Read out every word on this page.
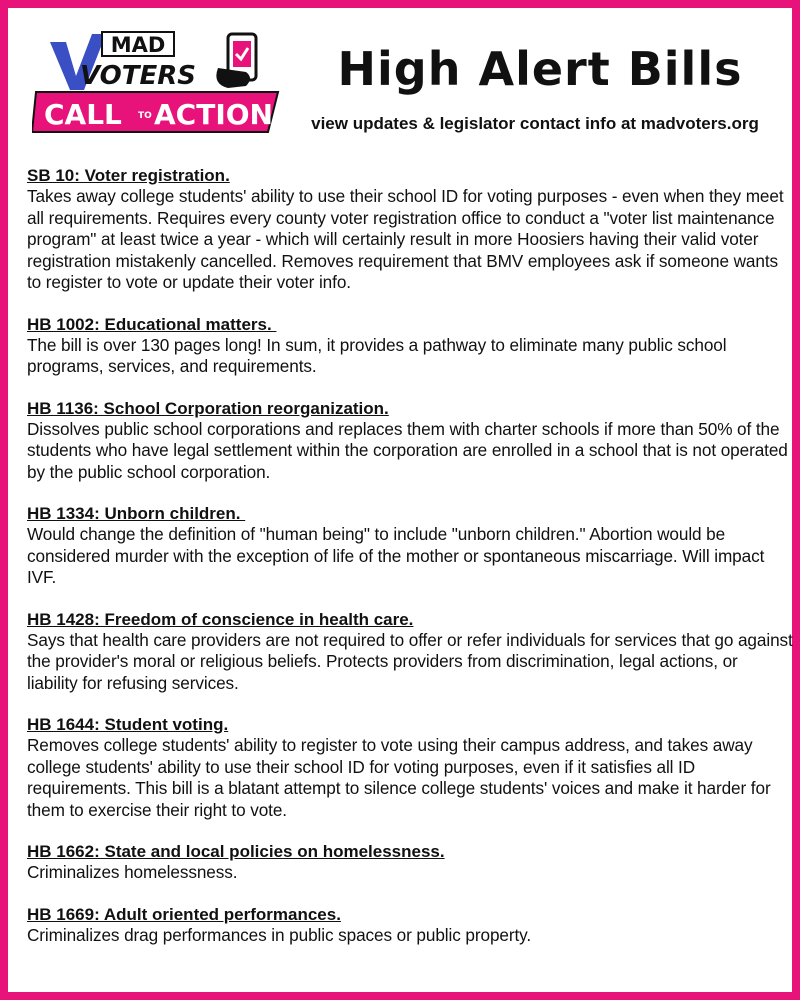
MAD
VOTERS
CALL TO ACTION!
High Alert Bills
view updates & legislator contact info at madvoters.org
SB 10: Voter registration.
Takes away college students' ability to use their school ID for voting purposes - even when they meet all requirements. Requires every county voter registration office to conduct a "voter list maintenance program" at least twice a year - which will certainly result in more Hoosiers having their valid voter registration mistakenly cancelled. Removes requirement that BMV employees ask if someone wants to register to vote or update their voter info.
HB 1002: Educational matters.
The bill is over 130 pages long! In sum, it provides a pathway to eliminate many public school programs, services, and requirements.
HB 1136: School Corporation reorganization.
Dissolves public school corporations and replaces them with charter schools if more than 50% of the students who have legal settlement within the corporation are enrolled in a school that is not operated by the public school corporation.
HB 1334: Unborn children.
Would change the definition of "human being" to include "unborn children." Abortion would be considered murder with the exception of life of the mother or spontaneous miscarriage. Will impact IVF.
HB 1428: Freedom of conscience in health care.
Says that health care providers are not required to offer or refer individuals for services that go against the provider's moral or religious beliefs. Protects providers from discrimination, legal actions, or liability for refusing services.
HB 1644: Student voting.
Removes college students' ability to register to vote using their campus address, and takes away college students' ability to use their school ID for voting purposes, even if it satisfies all ID requirements. This bill is a blatant attempt to silence college students' voices and make it harder for them to exercise their right to vote.
HB 1662: State and local policies on homelessness.
Criminalizes homelessness.
HB 1669: Adult oriented performances.
Criminalizes drag performances in public spaces or public property.
